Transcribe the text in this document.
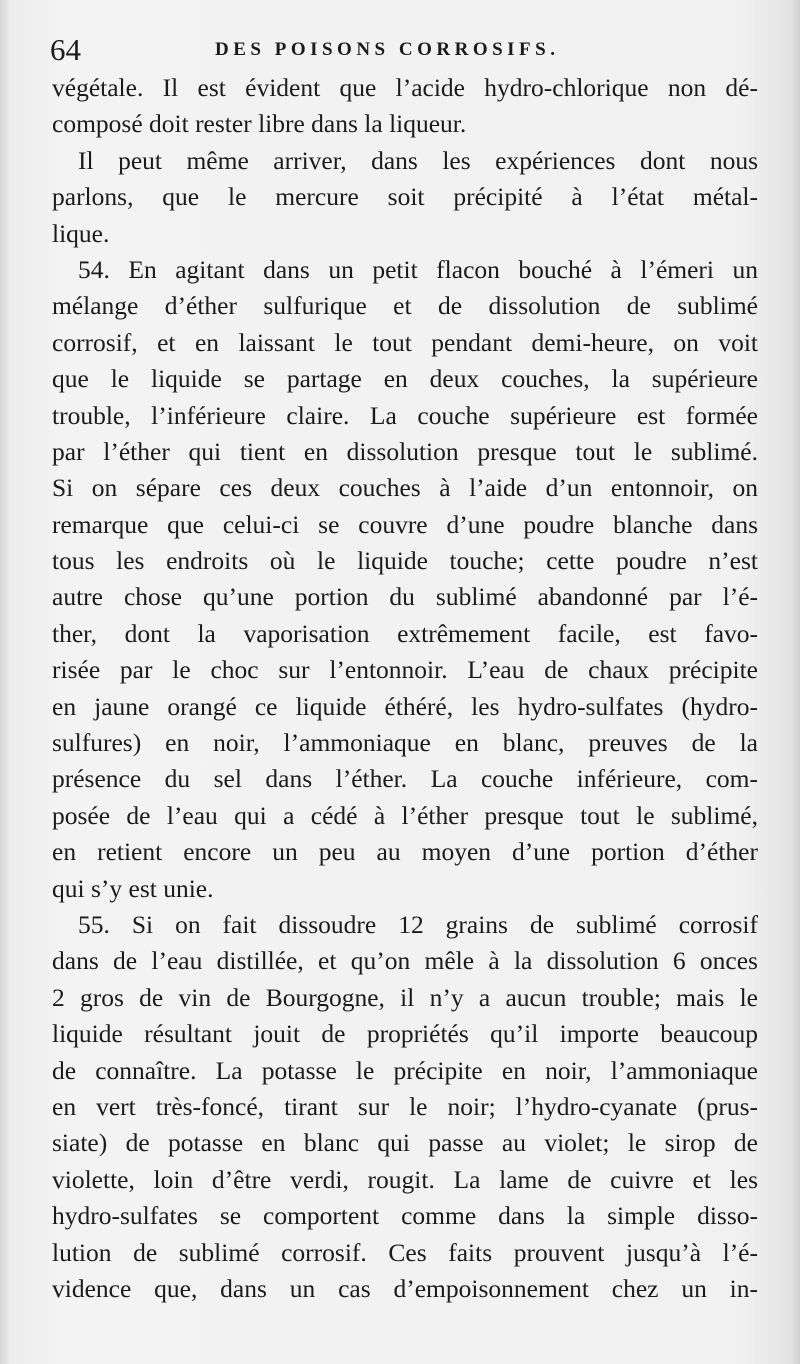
64	DES POISONS CORROSIFS.
végétale. Il est évident que l’acide hydro-chlorique non dé-
composé doit rester libre dans la liqueur.
Il peut même arriver, dans les expériences dont nous
parlons, que le mercure soit précipité à l’état métal-
lique.
54. En agitant dans un petit flacon bouché à l’émeri un
mélange d’éther sulfurique et de dissolution de sublimé
corrosif, et en laissant le tout pendant demi-heure, on voit
que le liquide se partage en deux couches, la supérieure
trouble, l’inférieure claire. La couche supérieure est formée
par l’éther qui tient en dissolution presque tout le sublimé.
Si on sépare ces deux couches à l’aide d’un entonnoir, on
remarque que celui-ci se couvre d’une poudre blanche dans
tous les endroits où le liquide touche; cette poudre n’est
autre chose qu’une portion du sublimé abandonné par l’é-
ther, dont la vaporisation extrêmement facile, est favo-
risée par le choc sur l’entonnoir. L’eau de chaux précipite
en jaune orangé ce liquide éthéré, les hydro-sulfates (hydro-
sulfures) en noir, l’ammoniaque en blanc, preuves de la
présence du sel dans l’éther. La couche inférieure, com-
posée de l’eau qui a cédé à l’éther presque tout le sublimé,
en retient encore un peu au moyen d’une portion d’éther
qui s’y est unie.
55. Si on fait dissoudre 12 grains de sublimé corrosif
dans de l’eau distillée, et qu’on mêle à la dissolution 6 onces
2 gros de vin de Bourgogne, il n’y a aucun trouble; mais le
liquide résultant jouit de propriétés qu’il importe beaucoup
de connaître. La potasse le précipite en noir, l’ammoniaque
en vert très-foncé, tirant sur le noir; l’hydro-cyanate (prus-
siate) de potasse en blanc qui passe au violet; le sirop de
violette, loin d’être verdi, rougit. La lame de cuivre et les
hydro-sulfates se comportent comme dans la simple disso-
lution de sublimé corrosif. Ces faits prouvent jusqu’à l’é-
vidence que, dans un cas d’empoisonnement chez un in-
